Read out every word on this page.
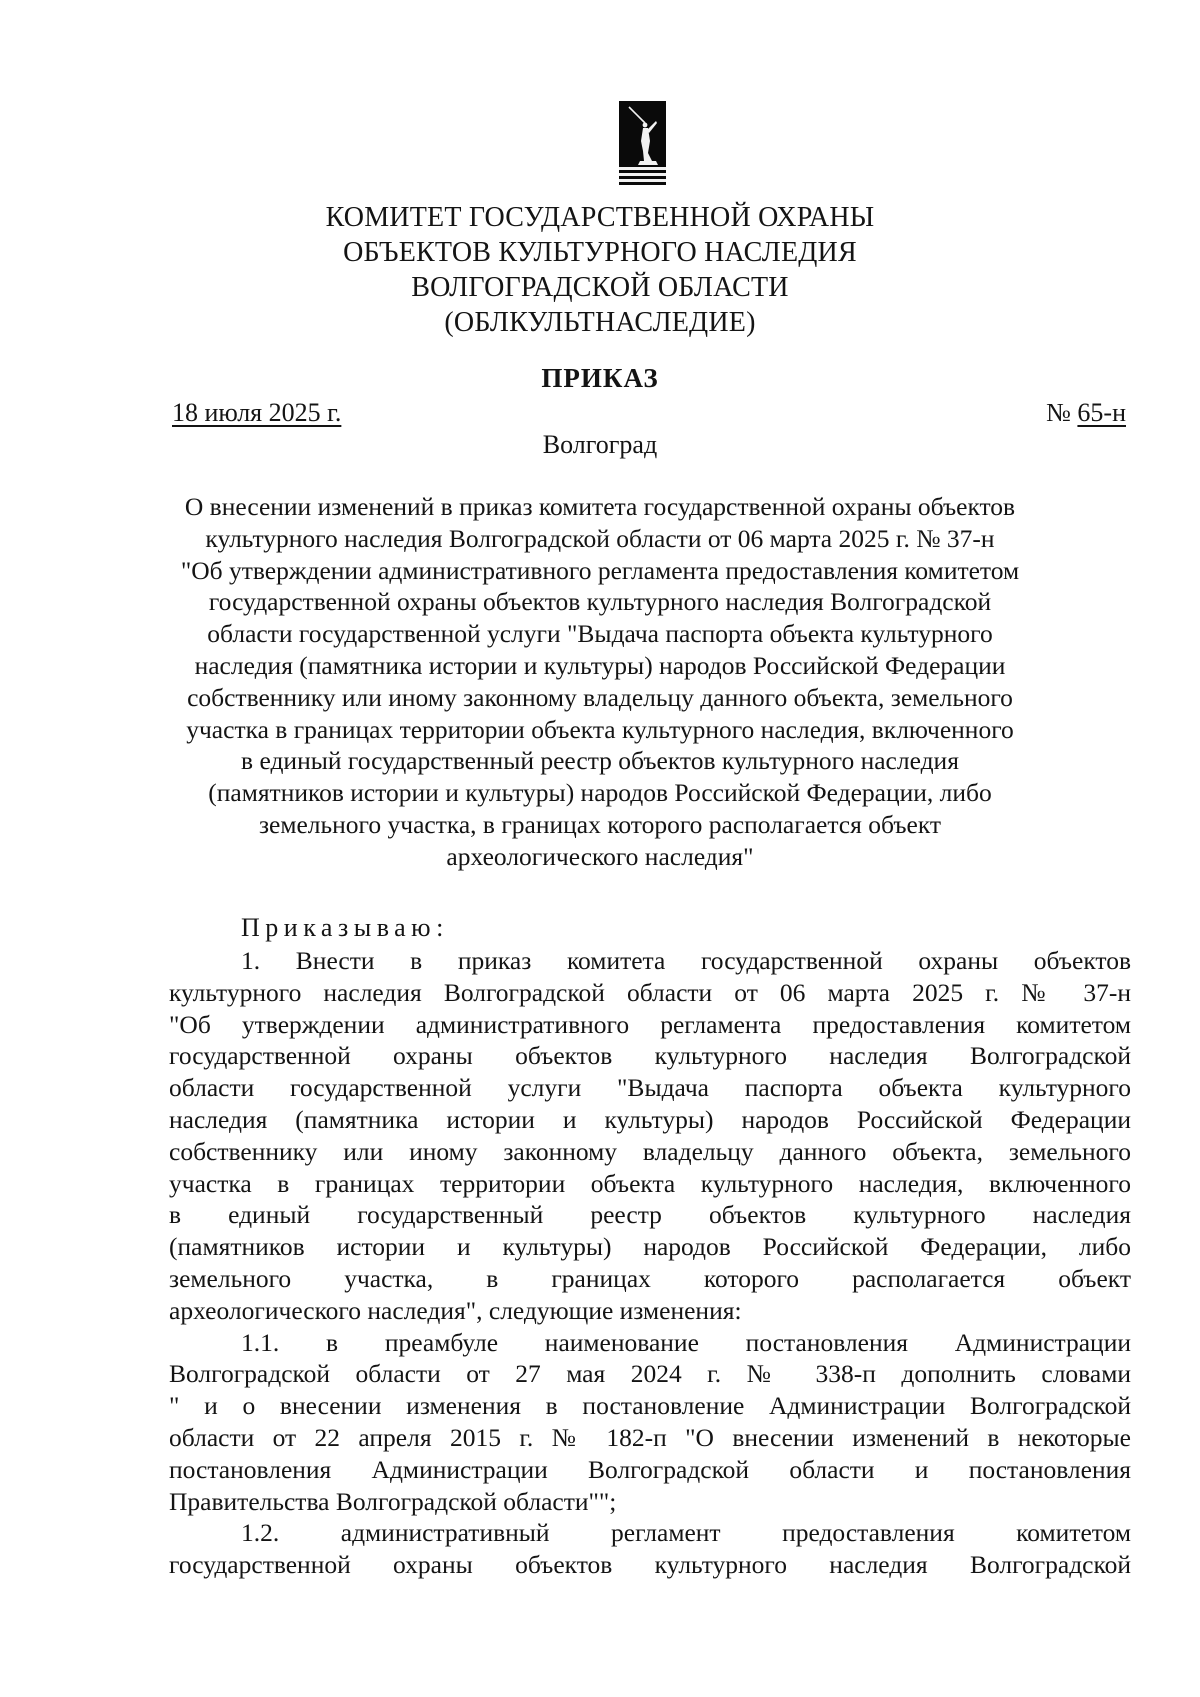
КОМИТЕТ ГОСУДАРСТВЕННОЙ ОХРАНЫ
ОБЪЕКТОВ КУЛЬТУРНОГО НАСЛЕДИЯ
ВОЛГОГРАДСКОЙ ОБЛАСТИ
(ОБЛКУЛЬТНАСЛЕДИЕ)
ПРИКАЗ
18 июля 2025 г.	№ 65-н
Волгоград
О внесении изменений в приказ комитета государственной охраны объектов
культурного наследия Волгоградской области от 06 марта 2025 г. № 37-н
"Об утверждении административного регламента предоставления комитетом
государственной охраны объектов культурного наследия Волгоградской
области государственной услуги "Выдача паспорта объекта культурного
наследия (памятника истории и культуры) народов Российской Федерации
собственнику или иному законному владельцу данного объекта, земельного
участка в границах территории объекта культурного наследия, включенного
в единый государственный реестр объектов культурного наследия
(памятников истории и культуры) народов Российской Федерации, либо
земельного участка, в границах которого располагается объект
археологического наследия"
Приказываю:
1. Внести в приказ комитета государственной охраны объектов
культурного наследия Волгоградской области от 06 марта 2025 г. № 37-н
"Об утверждении административного регламента предоставления комитетом
государственной охраны объектов культурного наследия Волгоградской
области государственной услуги "Выдача паспорта объекта культурного
наследия (памятника истории и культуры) народов Российской Федерации
собственнику или иному законному владельцу данного объекта, земельного
участка в границах территории объекта культурного наследия, включенного
в единый государственный реестр объектов культурного наследия
(памятников истории и культуры) народов Российской Федерации, либо
земельного участка, в границах которого располагается объект
археологического наследия", следующие изменения:
1.1. в преамбуле наименование постановления Администрации
Волгоградской области от 27 мая 2024 г. № 338-п дополнить словами
" и о внесении изменения в постановление Администрации Волгоградской
области от 22 апреля 2015 г. № 182-п "О внесении изменений в некоторые
постановления Администрации Волгоградской области и постановления
Правительства Волгоградской области"";
1.2. административный регламент предоставления комитетом
государственной охраны объектов культурного наследия Волгоградской
